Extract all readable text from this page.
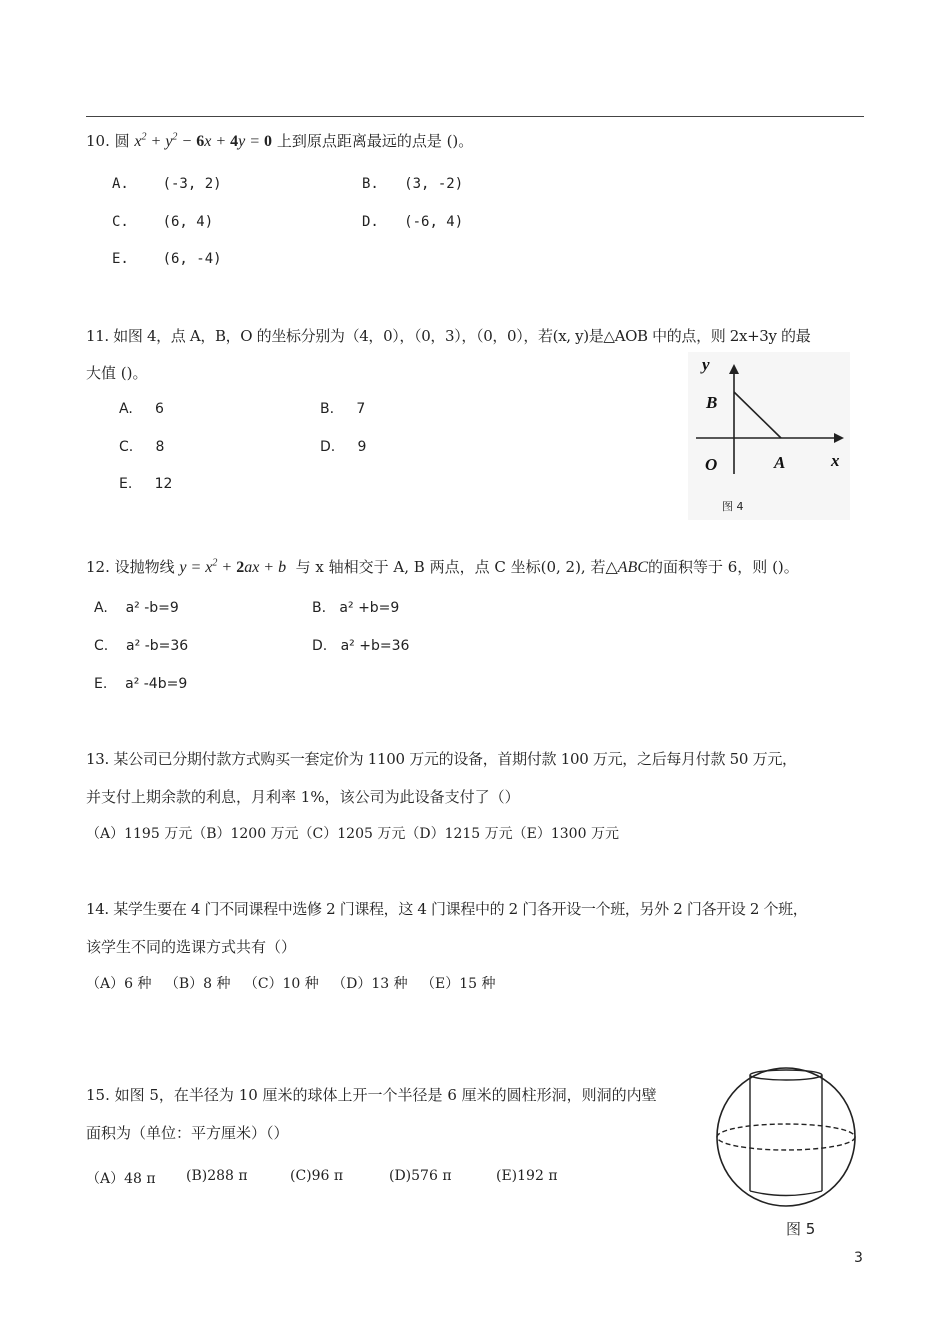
10. 圆 $x^2 + y^2 - 6x + 4y = 0$ 上到原点距离最远的点是 ()。
A. (-3, 2)	B. (3, -2)
C. (6, 4)	D. (-6, 4)
E. (6, -4)
11. 如图 4，点 A，B，O 的坐标分别为（4，0），（0，3），（0，0），若(x, y)是△AOB 中的点，则 2x+3y 的最
大值 ()。
A. 6	B. 7
C. 8	D. 9
E. 12
y
B
O	A	x
图 4
12. 设抛物线 $y = x^2 + 2ax + b$ 与 x 轴相交于 A, B 两点，点 C 坐标(0, 2), 若△ABC的面积等于 6，则 ()。
A. a² -b=9	B. a² +b=9
C. a² -b=36	D. a² +b=36
E. a² -4b=9
13. 某公司已分期付款方式购买一套定价为 1100 万元的设备，首期付款 100 万元，之后每月付款 50 万元，
并支付上期余款的利息，月利率 1%，该公司为此设备支付了（）
（A）1195 万元（B）1200 万元（C）1205 万元（D）1215 万元（E）1300 万元
14. 某学生要在 4 门不同课程中选修 2 门课程，这 4 门课程中的 2 门各开设一个班，另外 2 门各开设 2 个班，
该学生不同的选课方式共有（）
（A）6 种   （B）8 种   （C）10 种   （D）13 种   （E）15 种
15. 如图 5，在半径为 10 厘米的球体上开一个半径是 6 厘米的圆柱形洞，则洞的内壁
面积为（单位：平方厘米）（）
（A）48 π (B)288 π	(C)96 π	(D)576 π	(E)192 π
图 5
3
